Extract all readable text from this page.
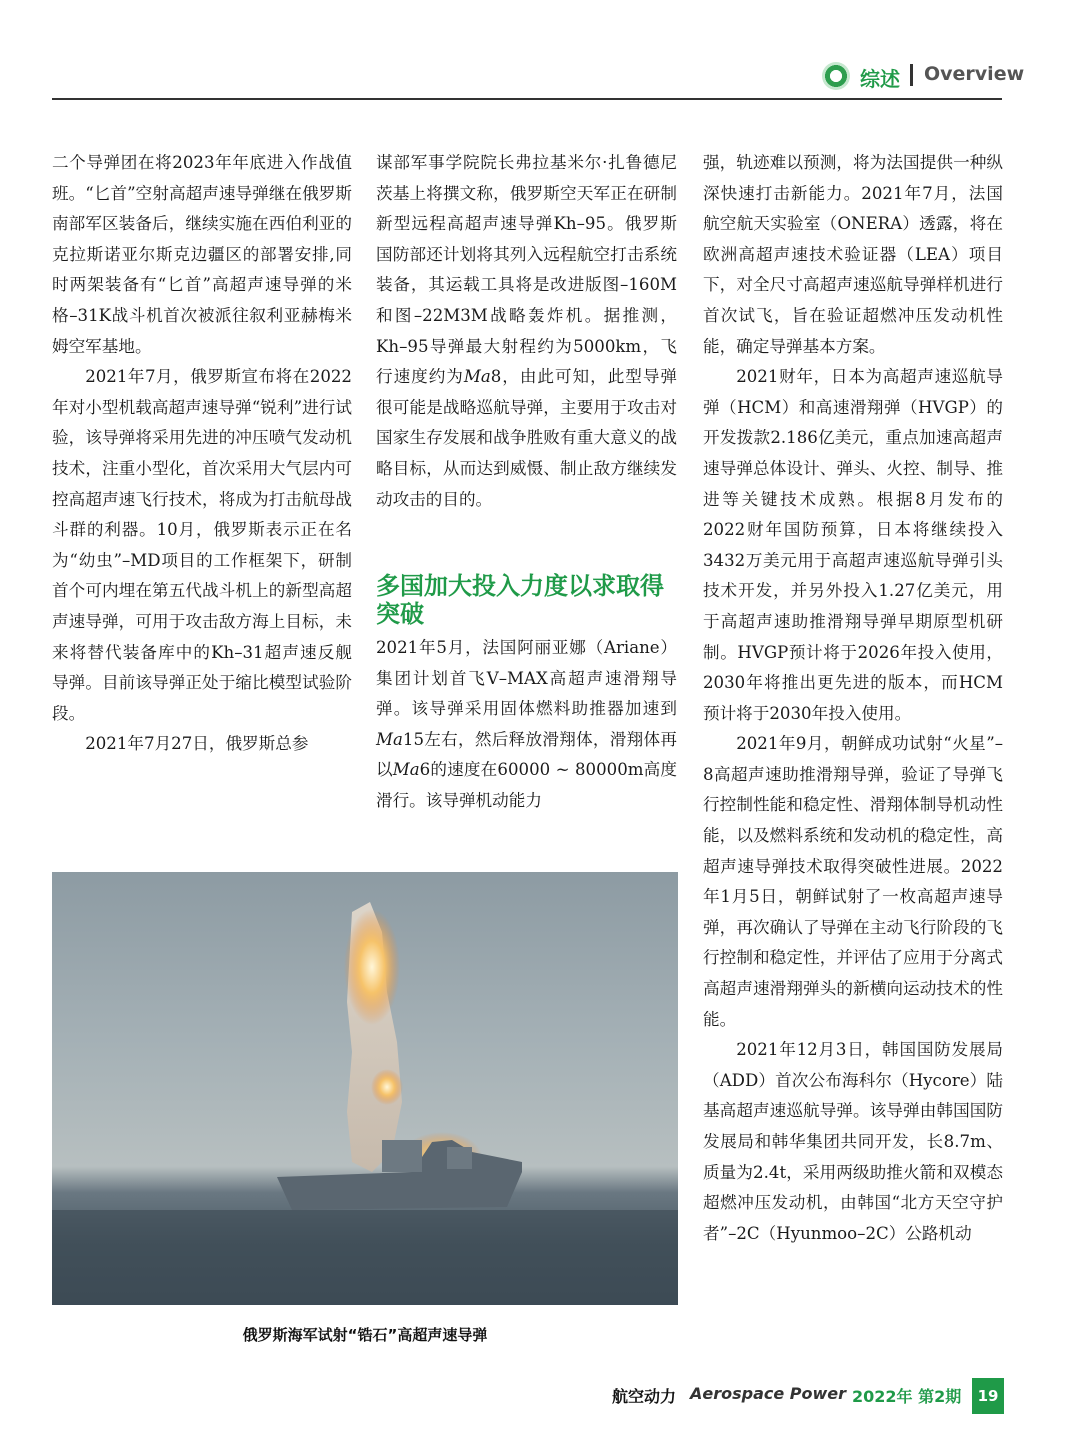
综述 Overview

二个导弹团在将2023年年底进入作战值班。“匕首”空射高超声速导弹继在俄罗斯南部军区装备后，继续实施在西伯利亚的克拉斯诺亚尔斯克边疆区的部署安排,同时两架装备有“匕首”高超声速导弹的米格–31K战斗机首次被派往叙利亚赫梅米姆空军基地。

2021年7月，俄罗斯宣布将在2022年对小型机载高超声速导弹“锐利”进行试验，该导弹将采用先进的冲压喷气发动机技术，注重小型化，首次采用大气层内可控高超声速飞行技术，将成为打击航母战斗群的利器。10月，俄罗斯表示正在名为“幼虫”–MD项目的工作框架下，研制首个可内埋在第五代战斗机上的新型高超声速导弹，可用于攻击敌方海上目标，未来将替代装备库中的Kh–31超声速反舰导弹。目前该导弹正处于缩比模型试验阶段。

2021年7月27日，俄罗斯总参

谋部军事学院院长弗拉基米尔·扎鲁德尼茨基上将撰文称，俄罗斯空天军正在研制新型远程高超声速导弹Kh–95。俄罗斯国防部还计划将其列入远程航空打击系统装备，其运载工具将是改进版图–160M和图–22M3M战略轰炸机。据推测，Kh–95导弹最大射程约为5000km，飞行速度约为Ma8，由此可知，此型导弹很可能是战略巡航导弹，主要用于攻击对国家生存发展和战争胜败有重大意义的战略目标，从而达到威慑、制止敌方继续发动攻击的目的。

多国加大投入力度以求取得突破

2021年5月，法国阿丽亚娜（Ariane）集团计划首飞V–MAX高超声速滑翔导弹。该导弹采用固体燃料助推器加速到Ma15左右，然后释放滑翔体，滑翔体再以Ma6的速度在60000 ~ 80000m高度滑行。该导弹机动能力

强，轨迹难以预测，将为法国提供一种纵深快速打击新能力。2021年7月，法国航空航天实验室（ONERA）透露，将在欧洲高超声速技术验证器（LEA）项目下，对全尺寸高超声速巡航导弹样机进行首次试飞，旨在验证超燃冲压发动机性能，确定导弹基本方案。

2021财年，日本为高超声速巡航导弹（HCM）和高速滑翔弹（HVGP）的开发拨款2.186亿美元，重点加速高超声速导弹总体设计、弹头、火控、制导、推进等关键技术成熟。根据8月发布的2022财年国防预算，日本将继续投入3432万美元用于高超声速巡航导弹引头技术开发，并另外投入1.27亿美元，用于高超声速助推滑翔导弹早期原型机研制。HVGP预计将于2026年投入使用，2030年将推出更先进的版本，而HCM预计将于2030年投入使用。

2021年9月，朝鲜成功试射“火星”–8高超声速助推滑翔导弹，验证了导弹飞行控制性能和稳定性、滑翔体制导机动性能，以及燃料系统和发动机的稳定性，高超声速导弹技术取得突破性进展。2022年1月5日，朝鲜试射了一枚高超声速导弹，再次确认了导弹在主动飞行阶段的飞行控制和稳定性，并评估了应用于分离式高超声速滑翔弹头的新横向运动技术的性能。

2021年12月3日，韩国国防发展局（ADD）首次公布海科尔（Hycore）陆基高超声速巡航导弹。该导弹由韩国国防发展局和韩华集团共同开发，长8.7m、质量为2.4t，采用两级助推火箭和双模态超燃冲压发动机，由韩国“北方天空守护者”–2C（Hyunmoo–2C）公路机动

俄罗斯海军试射“锆石”高超声速导弹
航空动力 Aerospace Power 2022年 第2期	19
